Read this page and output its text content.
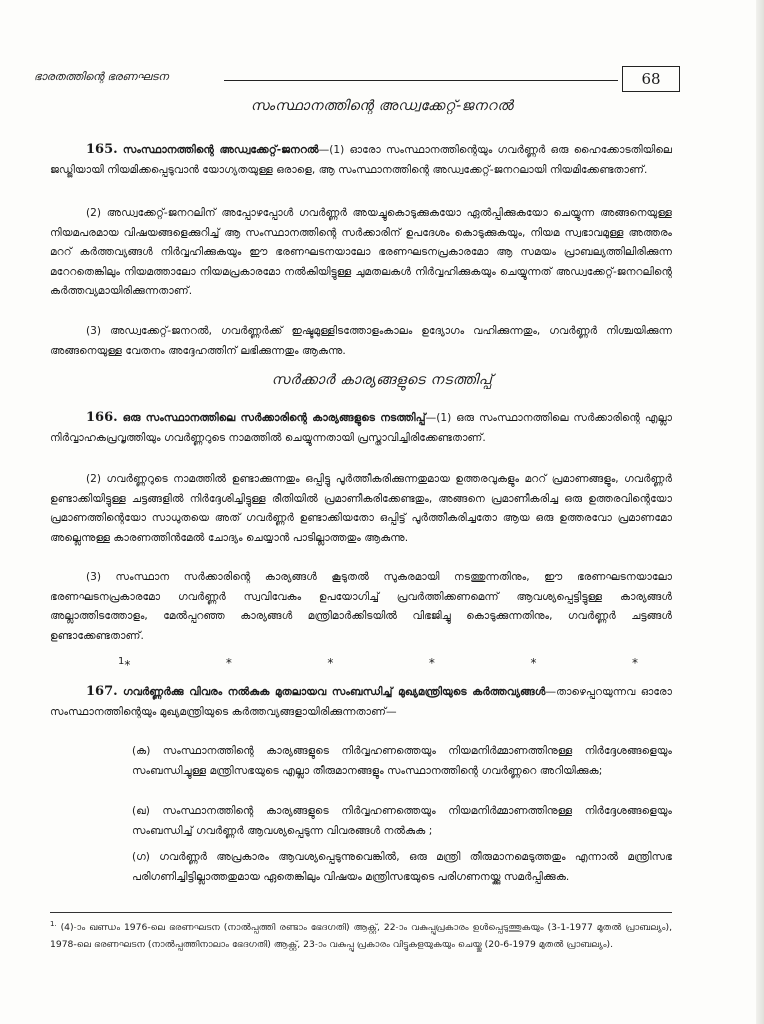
ഭാരതത്തിന്റെ ഭരണഘടന	68
സംസ്ഥാനത്തിന്റെ അഡ്വക്കേറ്റ്-ജനറൽ

165. സംസ്ഥാനത്തിന്റെ അഡ്വക്കേറ്റ്-ജനറൽ—(1) ഓരോ സംസ്ഥാനത്തിന്റെയും ഗവർണ്ണർ ഒരു ഹൈക്കോടതിയിലെ ജഡ്ജിയായി നിയമിക്കപ്പെടുവാൻ യോഗ്യതയുള്ള ഒരാളെ, ആ സംസ്ഥാനത്തിന്റെ അഡ്വക്കേറ്റ്-ജനറലായി നിയമിക്കേണ്ടതാണ്.

(2) അഡ്വക്കേറ്റ്-ജനറലിന് അപ്പോഴപ്പോൾ ഗവർണ്ണർ അയച്ചുകൊടുക്കുകയോ ഏൽപ്പിക്കുകയോ ചെയ്യുന്ന അങ്ങനെയുള്ള നിയമപരമായ വിഷയങ്ങളെക്കുറിച്ച് ആ സംസ്ഥാനത്തിന്റെ സർക്കാരിന് ഉപദേശം കൊടുക്കുകയും, നിയമ സ്വഭാവമുള്ള അത്തരം മററ് കർത്തവ്യങ്ങൾ നിർവ്വഹിക്കുകയും ഈ ഭരണഘടനയാലോ ഭരണഘടനപ്രകാരമോ ആ സമയം പ്രാബല്യത്തിലിരിക്കുന്ന മറേറതെങ്കിലും നിയമത്താലോ നിയമപ്രകാരമോ നൽകിയിട്ടുള്ള ചുമതലകൾ നിർവ്വഹിക്കുകയും ചെയ്യുന്നത് അഡ്വക്കേറ്റ്-ജനറലിന്റെ കർത്തവ്യമായിരിക്കുന്നതാണ്.

(3) അഡ്വക്കേറ്റ്-ജനറൽ, ഗവർണ്ണർക്ക് ഇഷ്ടമുള്ളിടത്തോളംകാലം ഉദ്യോഗം വഹിക്കുന്നതും, ഗവർണ്ണർ നിശ്ചയിക്കുന്ന അങ്ങനെയുള്ള വേതനം അദ്ദേഹത്തിന് ലഭിക്കുന്നതും ആകുന്നു.

സർക്കാർ കാര്യങ്ങളുടെ നടത്തിപ്പ്

166. ഒരു സംസ്ഥാനത്തിലെ സർക്കാരിന്റെ കാര്യങ്ങളുടെ നടത്തിപ്പ്—(1) ഒരു സംസ്ഥാനത്തിലെ സർക്കാരിന്റെ എല്ലാ നിർവ്വാഹകപ്രവൃത്തിയും ഗവർണ്ണറുടെ നാമത്തിൽ ചെയ്യുന്നതായി പ്രസ്താവിച്ചിരിക്കേണ്ടതാണ്.

(2) ഗവർണ്ണറുടെ നാമത്തിൽ ഉണ്ടാക്കുന്നതും ഒപ്പിട്ടു പൂർത്തീകരിക്കുന്നതുമായ ഉത്തരവുകളും മററ് പ്രമാണങ്ങളും, ഗവർണ്ണർ ഉണ്ടാക്കിയിട്ടുള്ള ചട്ടങ്ങളിൽ നിർദ്ദേശിച്ചിട്ടുള്ള രീതിയിൽ പ്രമാണീകരിക്കേണ്ടതും, അങ്ങനെ പ്രമാണീകരിച്ച ഒരു ഉത്തരവിന്റെയോ പ്രമാണത്തിന്റെയോ സാധുതയെ അത് ഗവർണ്ണർ ഉണ്ടാക്കിയതോ ഒപ്പിട്ട് പൂർത്തീകരിച്ചതോ ആയ ഒരു ഉത്തരവോ പ്രമാണമോ അല്ലെന്നുള്ള കാരണത്തിൻമേൽ ചോദ്യം ചെയ്യാൻ പാടില്ലാത്തതും ആകുന്നു.

(3) സംസ്ഥാന സർക്കാരിന്റെ കാര്യങ്ങൾ കൂടുതൽ സുകരമായി നടത്തുന്നതിനും, ഈ ഭരണഘടനയാലോ ഭരണഘടനപ്രകാരമോ ഗവർണ്ണർ സ്വവിവേകം ഉപയോഗിച്ച് പ്രവർത്തിക്കണമെന്ന് ആവശ്യപ്പെട്ടിട്ടുള്ള കാര്യങ്ങൾ അല്ലാത്തിടത്തോളം, മേൽപ്പറഞ്ഞ കാര്യങ്ങൾ മന്ത്രിമാർക്കിടയിൽ വിഭജിച്ചു കൊടുക്കുന്നതിനും, ഗവർണ്ണർ ചട്ടങ്ങൾ ഉണ്ടാക്കേണ്ടതാണ്.

$^1$*	*	*	*	*	*

167. ഗവർണ്ണർക്കു വിവരം നൽകുക മുതലായവ സംബന്ധിച്ച് മുഖ്യമന്ത്രിയുടെ കർത്തവ്യങ്ങൾ—താഴെപ്പറയുന്നവ ഓരോ സംസ്ഥാനത്തിന്റെയും മുഖ്യമന്ത്രിയുടെ കർത്തവ്യങ്ങളായിരിക്കുന്നതാണ്—

(ക) സംസ്ഥാനത്തിന്റെ കാര്യങ്ങളുടെ നിർവ്വഹണത്തെയും നിയമനിർമ്മാണത്തിനുള്ള നിർദ്ദേശങ്ങളെയും സംബന്ധിച്ചുള്ള മന്ത്രിസഭയുടെ എല്ലാ തീരുമാനങ്ങളും സംസ്ഥാനത്തിന്റെ ഗവർണ്ണറെ അറിയിക്കുക;

(ഖ) സംസ്ഥാനത്തിന്റെ കാര്യങ്ങളുടെ നിർവ്വഹണത്തെയും നിയമനിർമ്മാണത്തിനുള്ള നിർദ്ദേശങ്ങളെയും സംബന്ധിച്ച് ഗവർണ്ണർ ആവശ്യപ്പെടുന്ന വിവരങ്ങൾ നൽകുക ;

(ഗ) ഗവർണ്ണർ അപ്രകാരം ആവശ്യപ്പെടുന്നുവെങ്കിൽ, ഒരു മന്ത്രി തീരുമാനമെടുത്തതും എന്നാൽ മന്ത്രിസഭ പരിഗണിച്ചിട്ടില്ലാത്തതുമായ ഏതെങ്കിലും വിഷയം മന്ത്രിസഭയുടെ പരിഗണനയ്ക്കു സമർപ്പിക്കുക.

$^{1.}$ (4)-ാം ഖണ്ഡം 1976-ലെ ഭരണഘടന (നാൽപ്പത്തി രണ്ടാം ഭേദഗതി) ആക്റ്റ്, 22-ാം വകുപ്പുപ്രകാരം ഉൾപ്പെടുത്തുകയും (3-1-1977 മുതൽ പ്രാബല്യം), 1978-ലെ ഭരണഘടന (നാൽപ്പത്തിനാലാം ഭേദഗതി) ആക്റ്റ്, 23-ാം വകുപ്പു പ്രകാരം വിട്ടുകളയുകയും ചെയ്തു (20-6-1979 മുതൽ പ്രാബല്യം).
